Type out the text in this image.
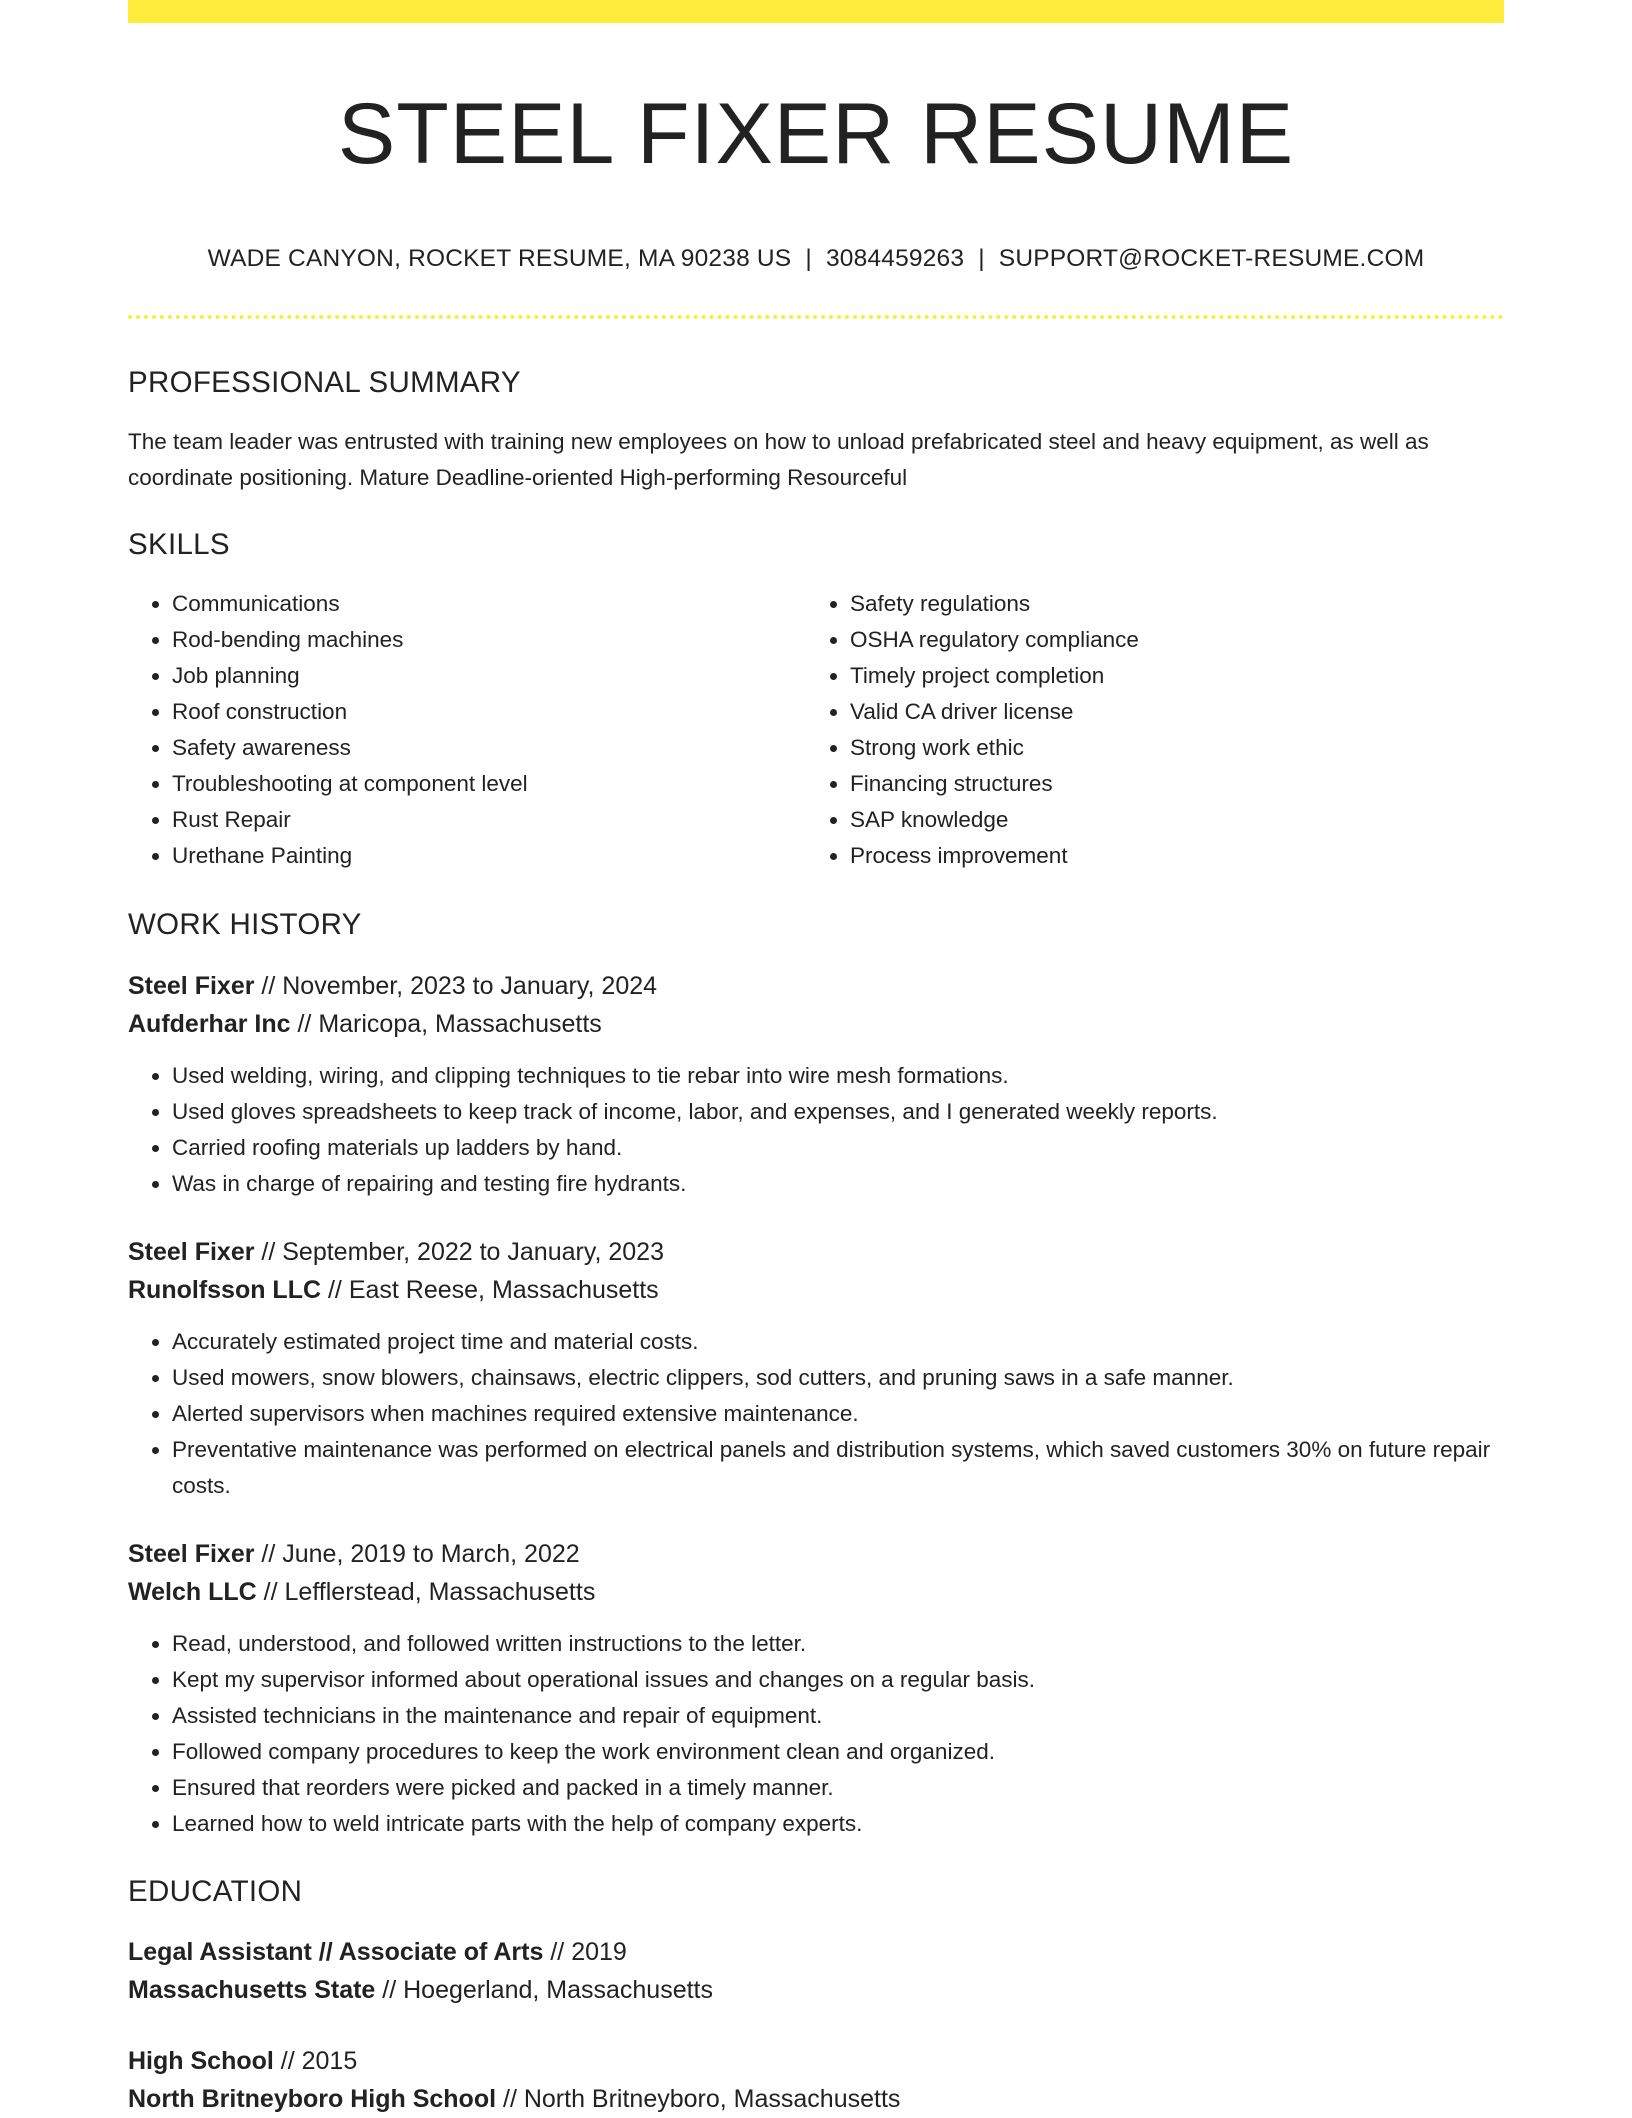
STEEL FIXER RESUME
WADE CANYON, ROCKET RESUME, MA 90238 US | 3084459263 | SUPPORT@ROCKET-RESUME.COM
PROFESSIONAL SUMMARY

The team leader was entrusted with training new employees on how to unload prefabricated steel and heavy equipment, as well as coordinate positioning. Mature Deadline-oriented High-performing Resourceful

SKILLS
• Communications
• Rod-bending machines
• Job planning
• Roof construction
• Safety awareness
• Troubleshooting at component level
• Rust Repair
• Urethane Painting
• Safety regulations
• OSHA regulatory compliance
• Timely project completion
• Valid CA driver license
• Strong work ethic
• Financing structures
• SAP knowledge
• Process improvement
WORK HISTORY

Steel Fixer // November, 2023 to January, 2024

Aufderhar Inc // Maricopa, Massachusetts

• Used welding, wiring, and clipping techniques to tie rebar into wire mesh formations.
• Used gloves spreadsheets to keep track of income, labor, and expenses, and I generated weekly reports.
• Carried roofing materials up ladders by hand.
• Was in charge of repairing and testing fire hydrants.

Steel Fixer // September, 2022 to January, 2023

Runolfsson LLC // East Reese, Massachusetts

• Accurately estimated project time and material costs.
• Used mowers, snow blowers, chainsaws, electric clippers, sod cutters, and pruning saws in a safe manner.
• Alerted supervisors when machines required extensive maintenance.
• Preventative maintenance was performed on electrical panels and distribution systems, which saved customers 30% on future repair costs.

Steel Fixer // June, 2019 to March, 2022

Welch LLC // Lefflerstead, Massachusetts

• Read, understood, and followed written instructions to the letter.
• Kept my supervisor informed about operational issues and changes on a regular basis.
• Assisted technicians in the maintenance and repair of equipment.
• Followed company procedures to keep the work environment clean and organized.
• Ensured that reorders were picked and packed in a timely manner.
• Learned how to weld intricate parts with the help of company experts.
EDUCATION

Legal Assistant // Associate of Arts // 2019

Massachusetts State // Hoegerland, Massachusetts

High School // 2015

North Britneyboro High School // North Britneyboro, Massachusetts
